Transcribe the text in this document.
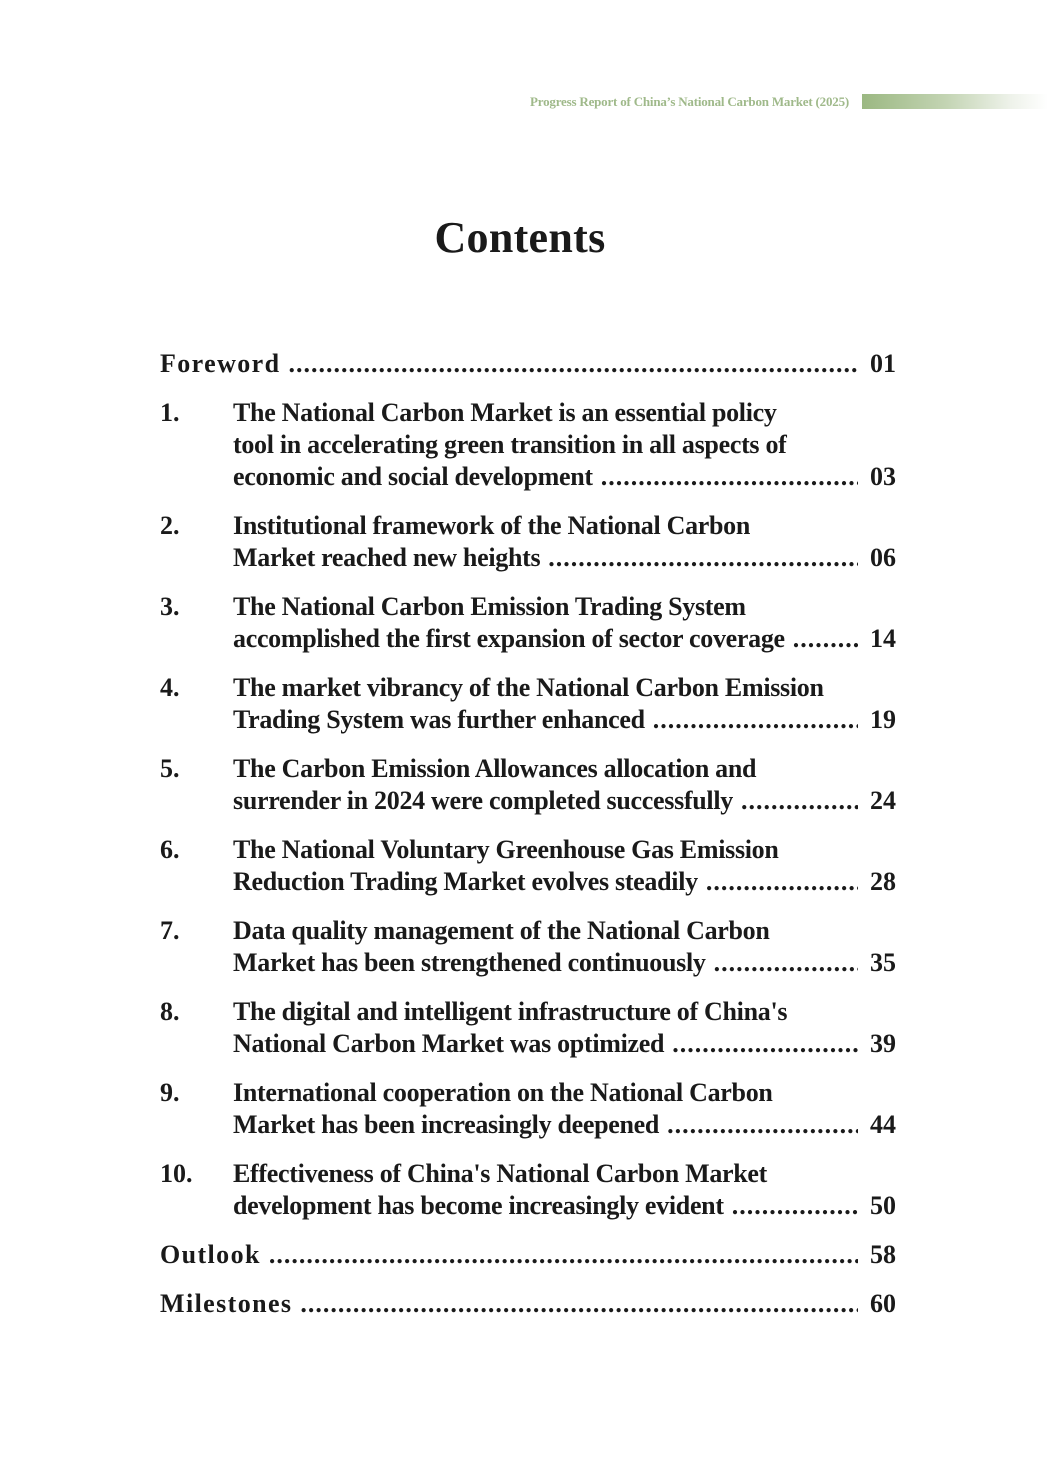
Progress Report of China’s National Carbon Market (2025)
Contents
Foreword .....	01
1.	The National Carbon Market is an essential policy
tool in accelerating green transition in all aspects of
economic and social development .....	03
2.	Institutional framework of the National Carbon
Market reached new heights .....	06
3.	The National Carbon Emission Trading System
accomplished the first expansion of sector coverage .....	14
4.	The market vibrancy of the National Carbon Emission
Trading System was further enhanced .....	19
5.	The Carbon Emission Allowances allocation and
surrender in 2024 were completed successfully .....	24
6.	The National Voluntary Greenhouse Gas Emission
Reduction Trading Market evolves steadily .....	28
7.	Data quality management of the National Carbon
Market has been strengthened continuously .....	35
8.	The digital and intelligent infrastructure of China's
National Carbon Market was optimized .....	39
9.	International cooperation on the National Carbon
Market has been increasingly deepened .....	44
10.	Effectiveness of China's National Carbon Market
development has become increasingly evident .....	50
Outlook .....	58
Milestones .....	60
